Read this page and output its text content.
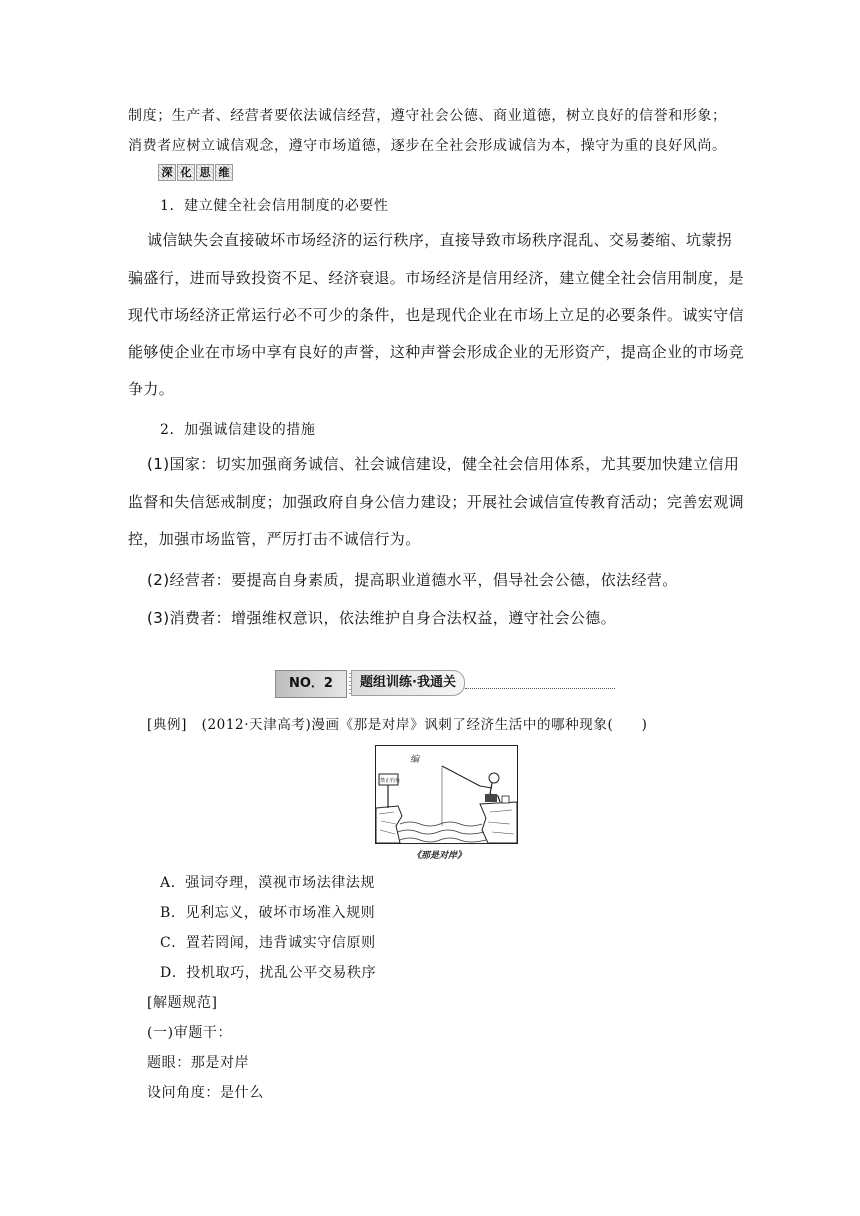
制度；生产者、经营者要依法诚信经营，遵守社会公德、商业道德，树立良好的信誉和形象；
消费者应树立诚信观念，遵守市场道德，逐步在全社会形成诚信为本，操守为重的良好风尚。
深 化 思 维
1．建立健全社会信用制度的必要性
诚信缺失会直接破坏市场经济的运行秩序，直接导致市场秩序混乱、交易萎缩、坑蒙拐
骗盛行，进而导致投资不足、经济衰退。市场经济是信用经济，建立健全社会信用制度，是
现代市场经济正常运行必不可少的条件，也是现代企业在市场上立足的必要条件。诚实守信
能够使企业在市场中享有良好的声誉，这种声誉会形成企业的无形资产，提高企业的市场竞
争力。
2．加强诚信建设的措施
(1)国家：切实加强商务诚信、社会诚信建设，健全社会信用体系，尤其要加快建立信用
监督和失信惩戒制度；加强政府自身公信力建设；开展社会诚信宣传教育活动；完善宏观调
控，加强市场监管，严厉打击不诚信行为。
(2)经营者：要提高自身素质，提高职业道德水平，倡导社会公德，依法经营。
(3)消费者：增强维权意识，依法维护自身合法权益，遵守社会公德。
NO．2	题组训练·我通关
[典例] (2012·天津高考)漫画《那是对岸》讽刺了经济生活中的哪种现象(　　)
编
禁止钓鱼
《那是对岸》
A．强词夺理，漠视市场法律法规
B．见利忘义，破坏市场准入规则
C．置若罔闻，违背诚实守信原则
D．投机取巧，扰乱公平交易秩序
[解题规范]
(一)审题干：
题眼：那是对岸
设问角度：是什么
